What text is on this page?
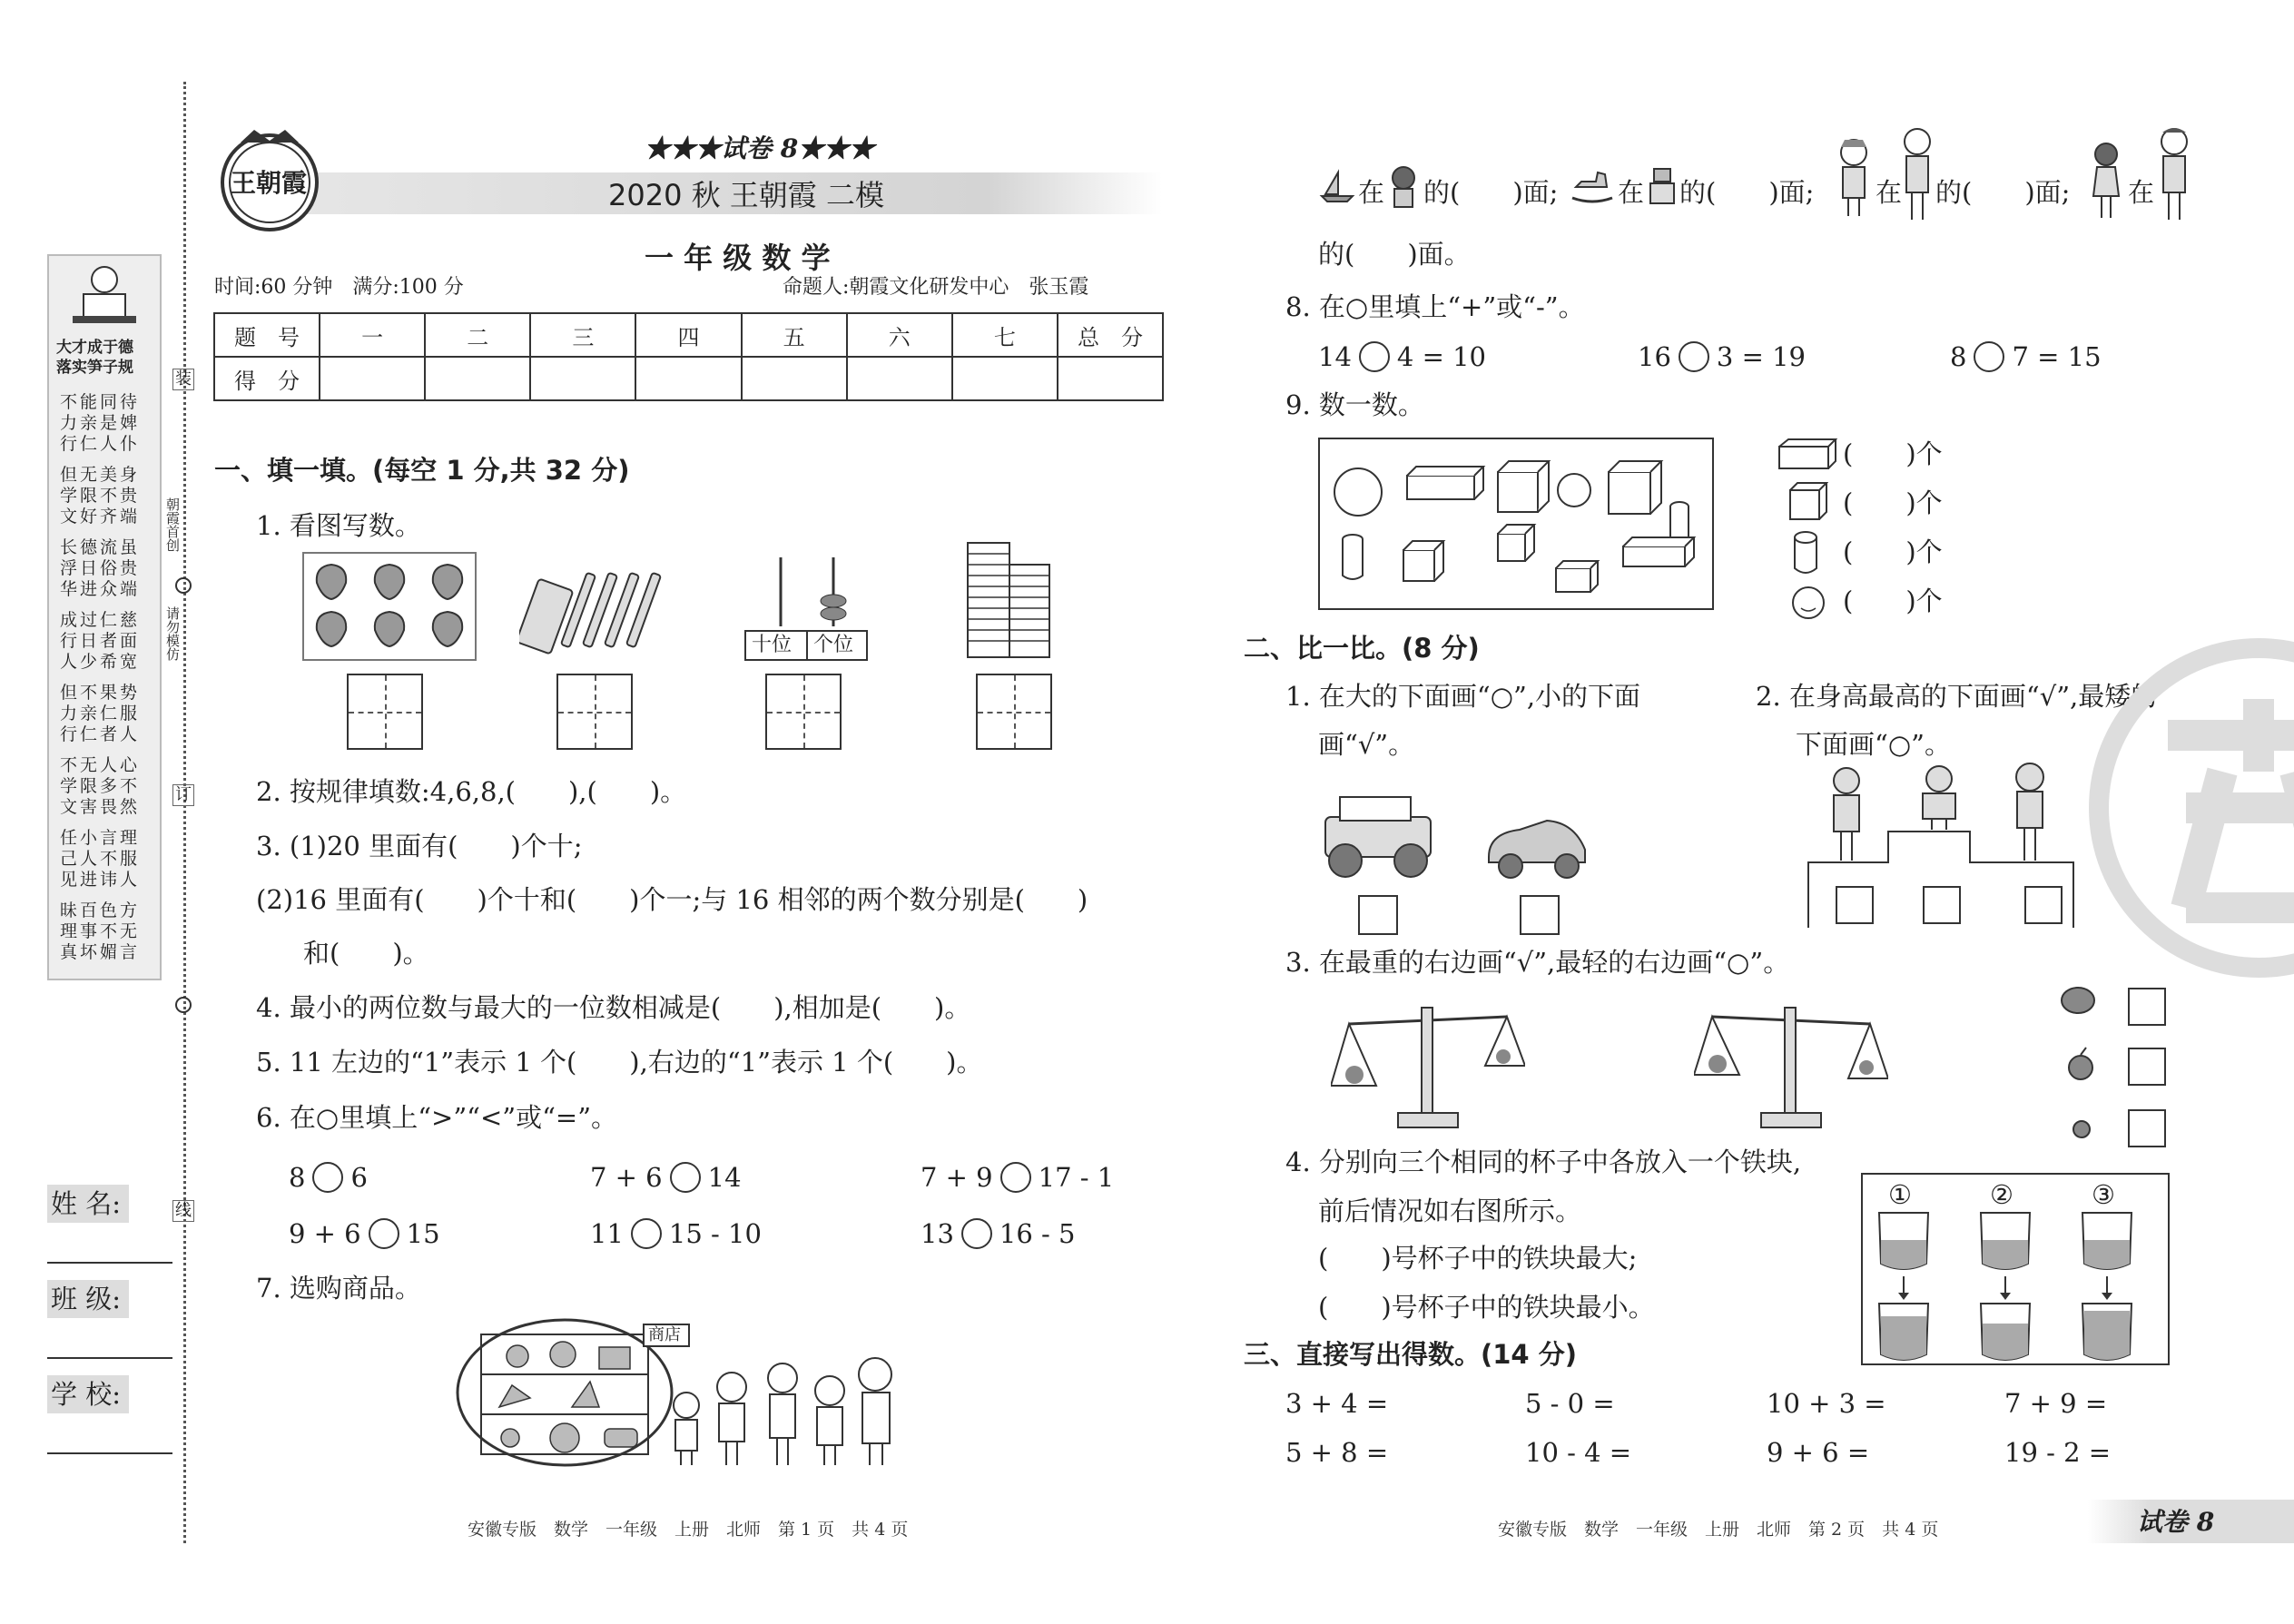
大才成于德
落实笋子规
不能同待
力亲是婢
行仁人仆
但无美身
学限不贵
文好齐端
长德流虽
浮日俗贵
华进众端
成过仁慈
行日者面
人少希宽
但不果势
力亲仁服
行仁者人
不无人心
学限多不
文害畏然
任小言理
己人不服
见进讳人
昧百色方
理事不无
真坏媚言
朝霞首创
请勿模仿
装
订
线
姓 名:
班 级:
学 校:
王朝霞
★★★试卷 8★★★
2020 秋 王朝霞 二模
一 年 级 数 学
时间:60 分钟　满分:100 分	命题人:朝霞文化研发中心　张玉霞
题　号	一	二	三	四	五	六	七	总　分
得　分								
一、填一填。(每空 1 分,共 32 分)
1. 看图写数。
十位 个位
2. 按规律填数:4,6,8,(　　),(　　)。
3. (1)20 里面有(　　)个十;
(2)16 里面有(　　)个十和(　　)个一;与 16 相邻的两个数分别是(　　)
和(　　)。
4. 最小的两位数与最大的一位数相减是(　　),相加是(　　)。
5. 11 左边的“1”表示 1 个(　　),右边的“1”表示 1 个(　　)。
6. 在○里填上“>”“<”或“=”。
8 6	7 + 6 14	7 + 9 17 - 1
9 + 6 15	11 15 - 10	13 16 - 5
7. 选购商品。
商店
安徽专版　数学　一年级　上册　北师　第 1 页　共 4 页
在 的(　　)面; 在 的(　　)面; 在 的(　　)面; 在
的(　　)面。
8. 在○里填上“+”或“-”。
14 4 = 10	16 3 = 19	8 7 = 15
9. 数一数。
(　　)个
(　　)个
(　　)个
(　　)个
二、比一比。(8 分)
1. 在大的下面画“○”,小的下面
画“√”。
2. 在身高最高的下面画“√”,最矮的
下面画“○”。
3. 在最重的右边画“√”,最轻的右边画“○”。
4. 分别向三个相同的杯子中各放入一个铁块,
前后情况如右图所示。
(　　)号杯子中的铁块最大;
(　　)号杯子中的铁块最小。
①	②	③
三、直接写出得数。(14 分)
3 + 4 =	5 - 0 =	10 + 3 =	7 + 9 =
5 + 8 =	10 - 4 =	9 + 6 =	19 - 2 =
安徽专版　数学　一年级　上册　北师　第 2 页　共 4 页	试卷 8
